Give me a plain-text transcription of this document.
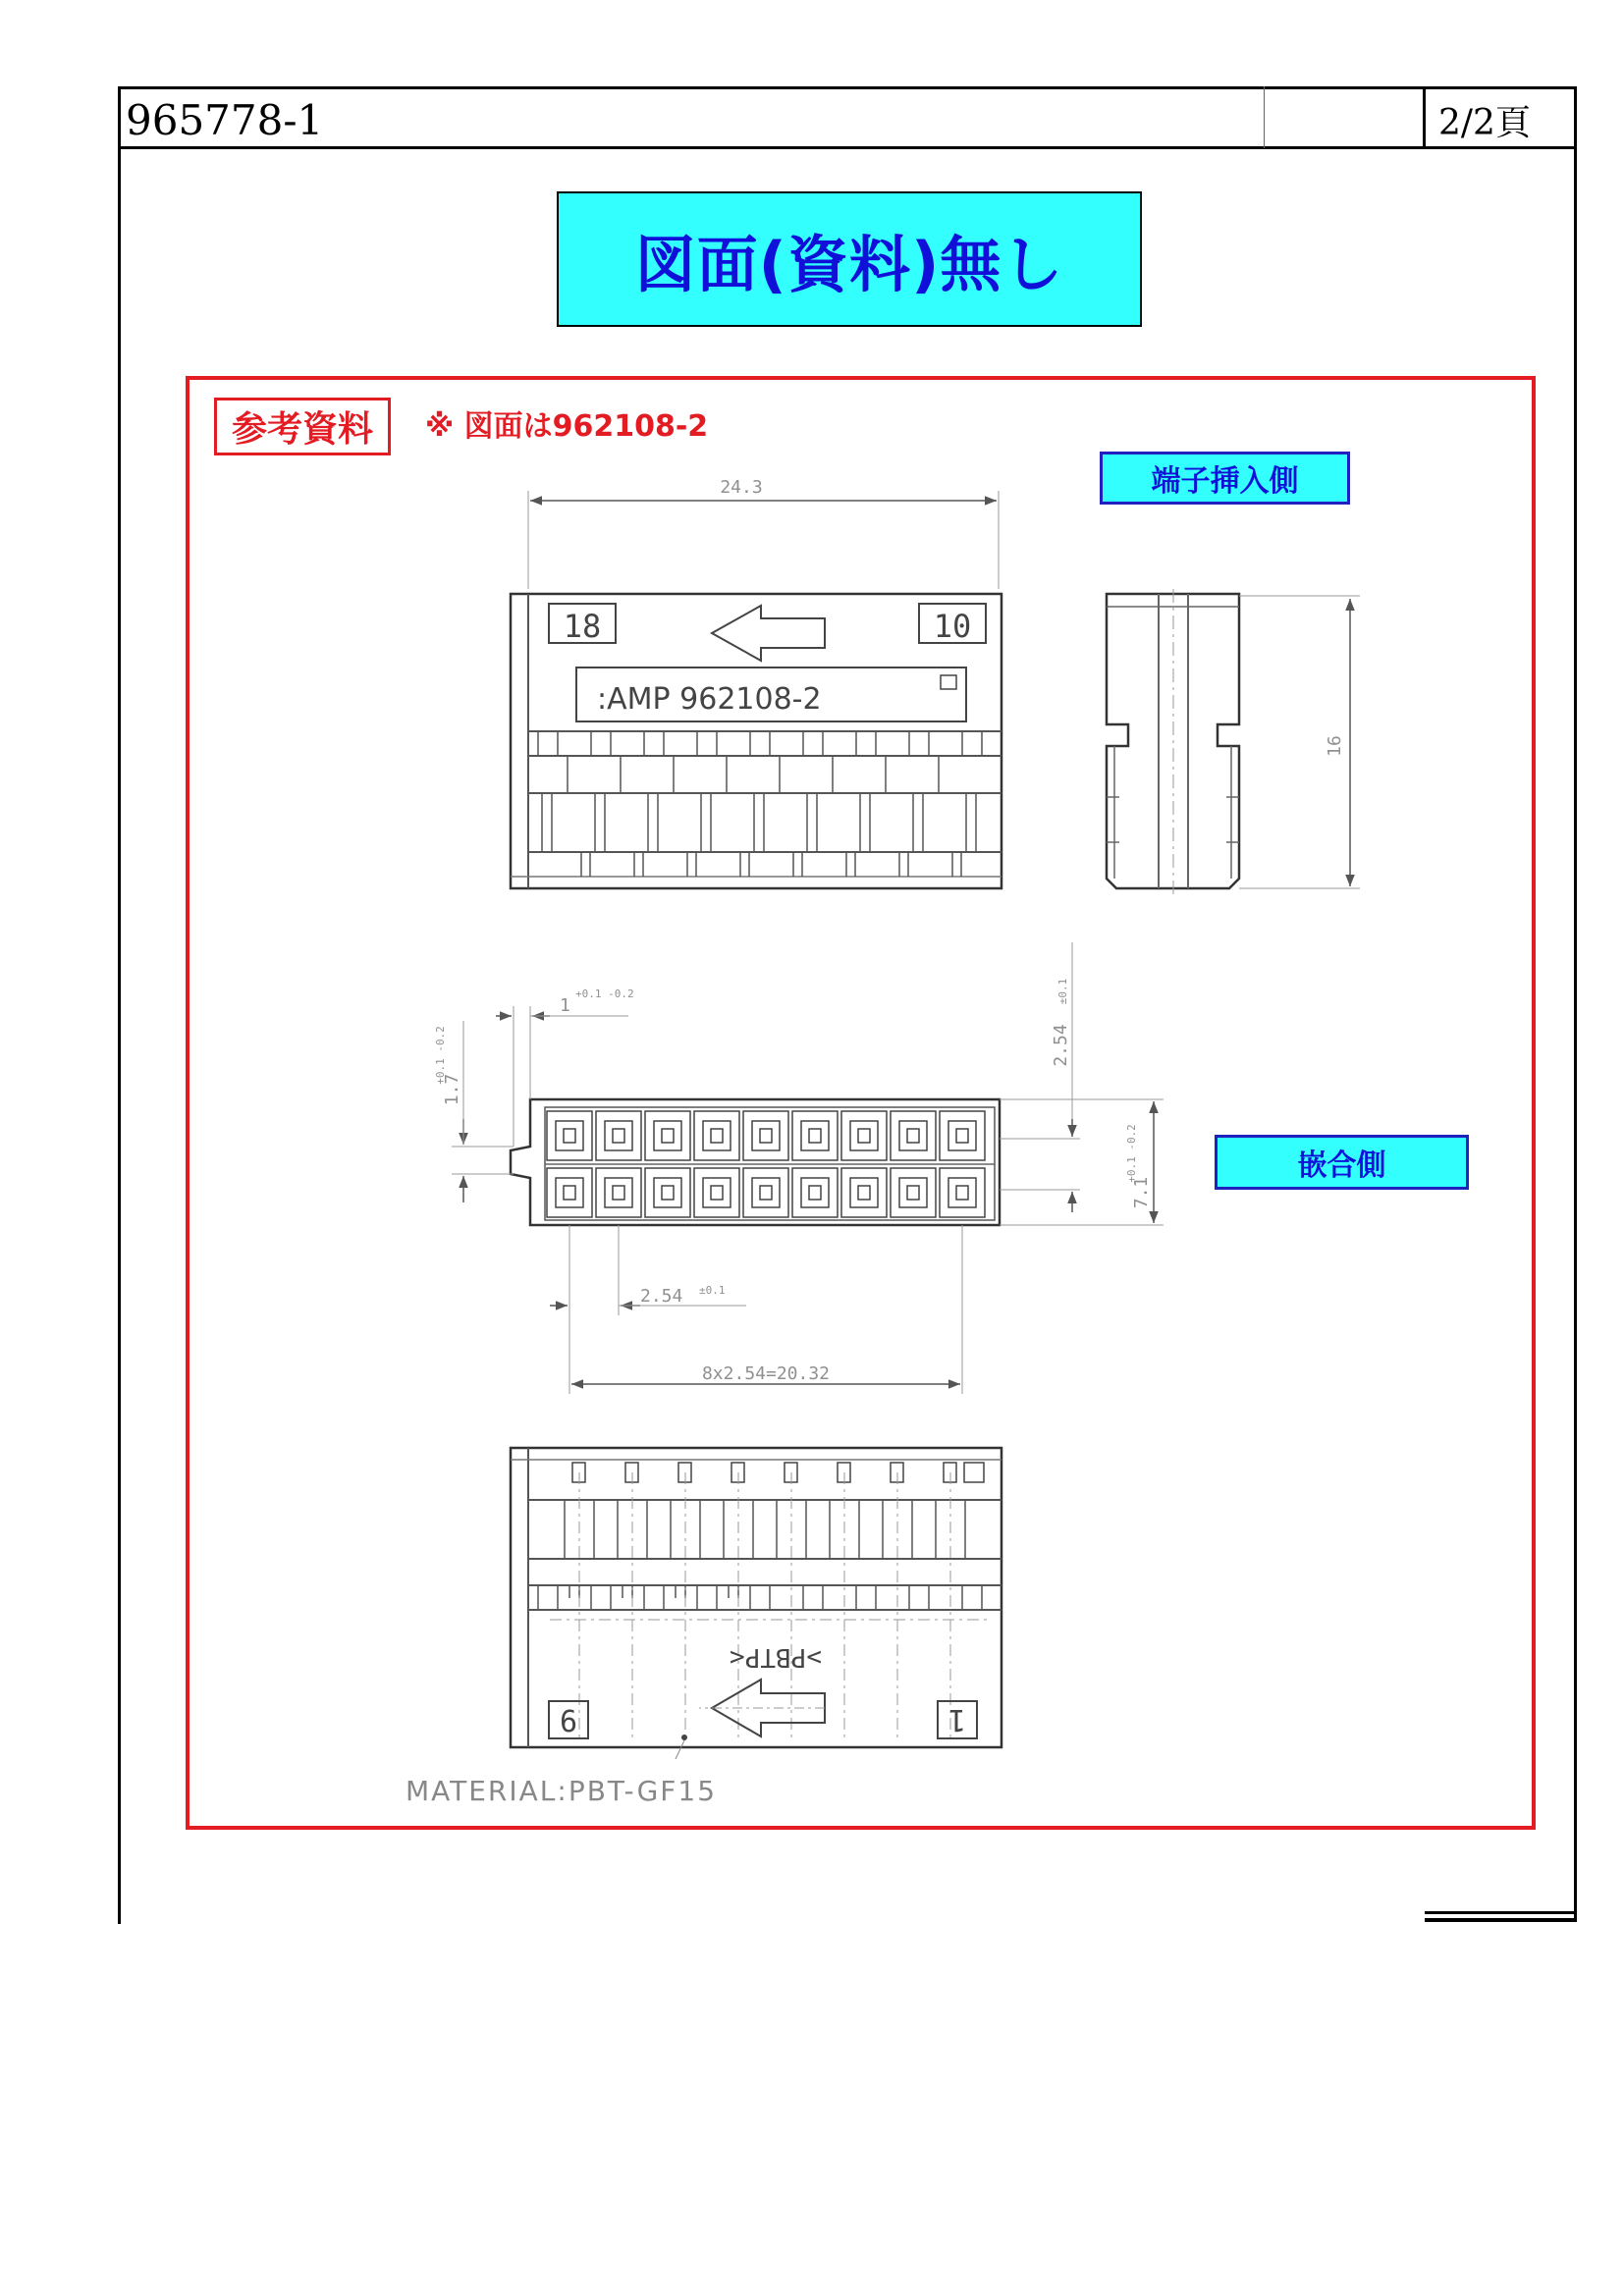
965778-1	2/2頁
図面(資料)無し
参考資料	※ 図面は962108-2
端子挿入側
嵌合側
24.3
18	10
:AMP 962108-2
16
1
+0.1 -0.2
1.7
+0.1 -0.2	2.54
±0.1
7.1
+0.1 -0.2
2.54 ±0.1
8x2.54=20.32
>PBTP<
9	1
MATERIAL:PBT-GF15
